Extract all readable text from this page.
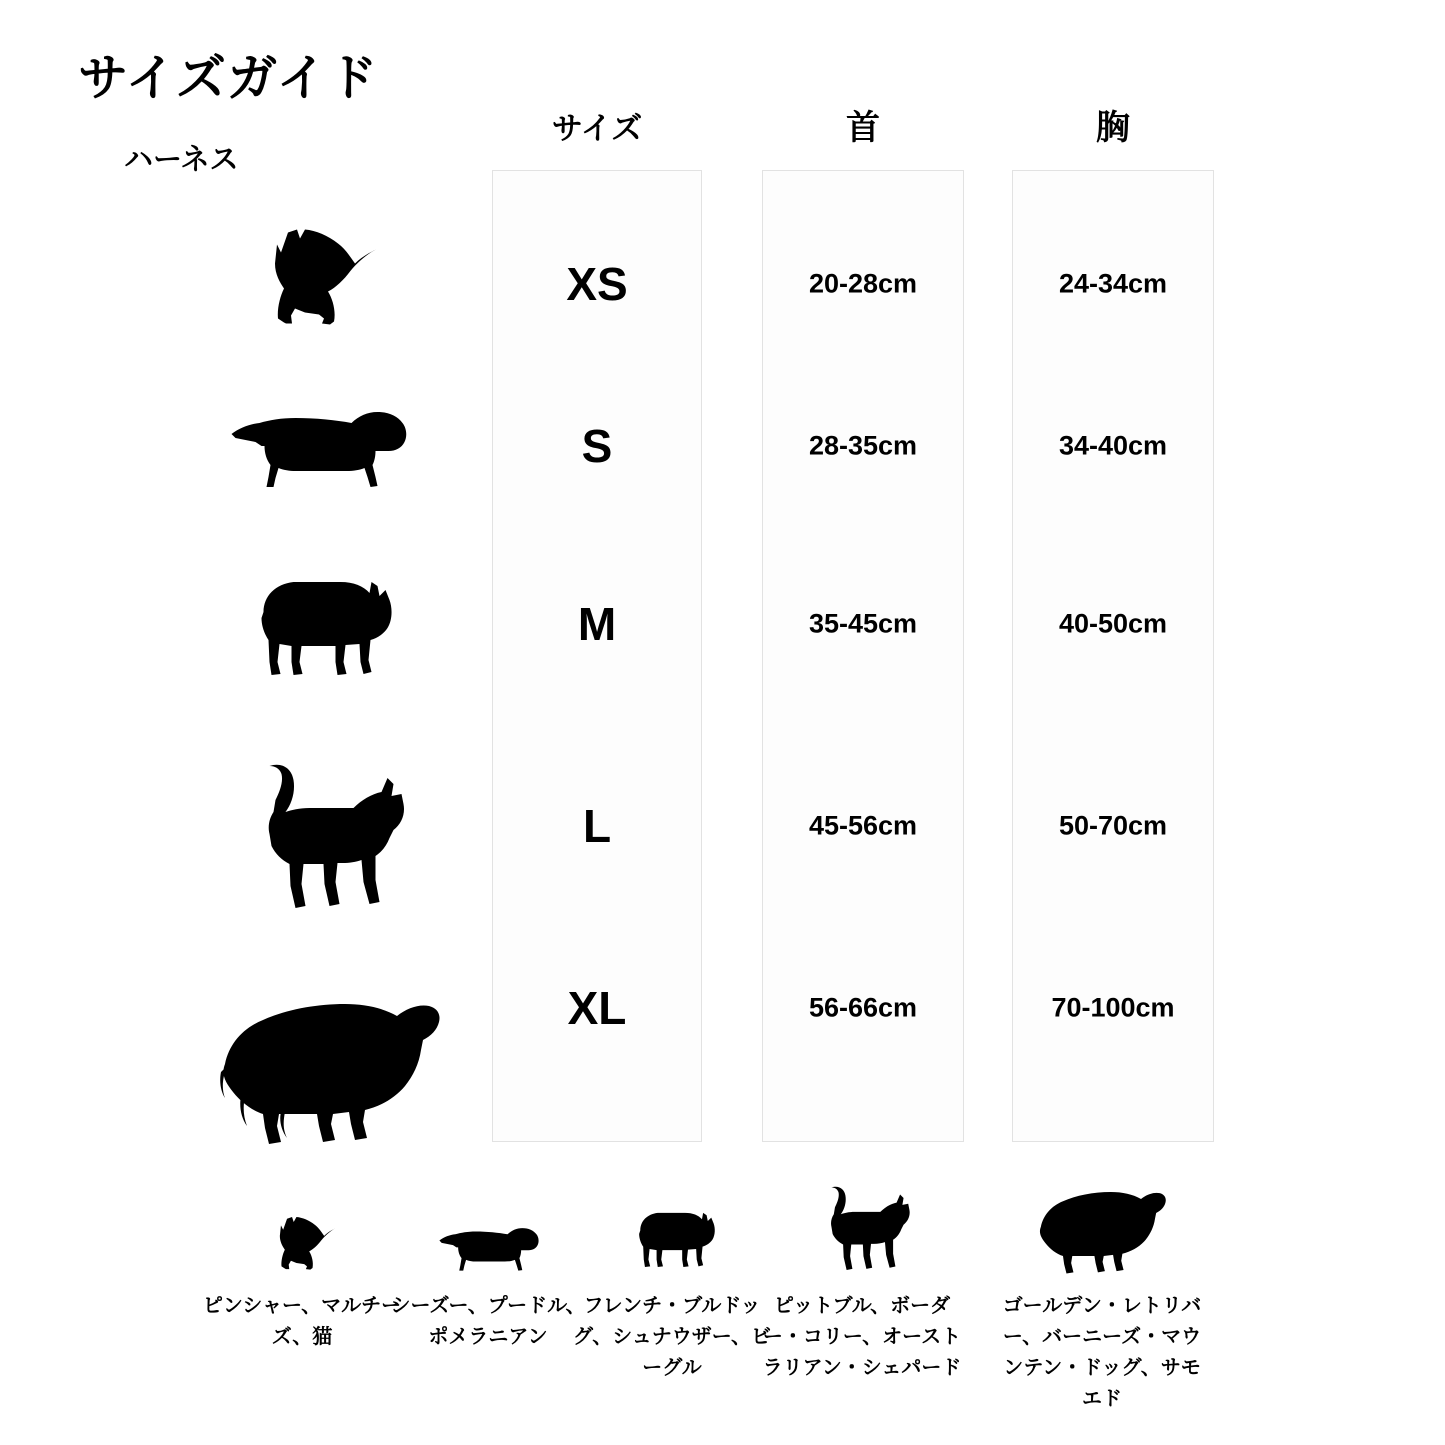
サイズガイド
ハーネス
サイズ	首	胸
XS	20-28cm	24-34cm
S	28-35cm	34-40cm
M	35-45cm	40-50cm
L	45-56cm	50-70cm
XL	56-66cm	70-100cm
ピンシャー、マルチーズ、猫
シーズー、プードル、ポメラニアン
フレンチ・ブルドッグ、シュナウザー、ビーグル
ピットブル、ボーダー・コリー、オーストラリアン・シェパード
ゴールデン・レトリバー、バーニーズ・マウンテン・ドッグ、サモエド
